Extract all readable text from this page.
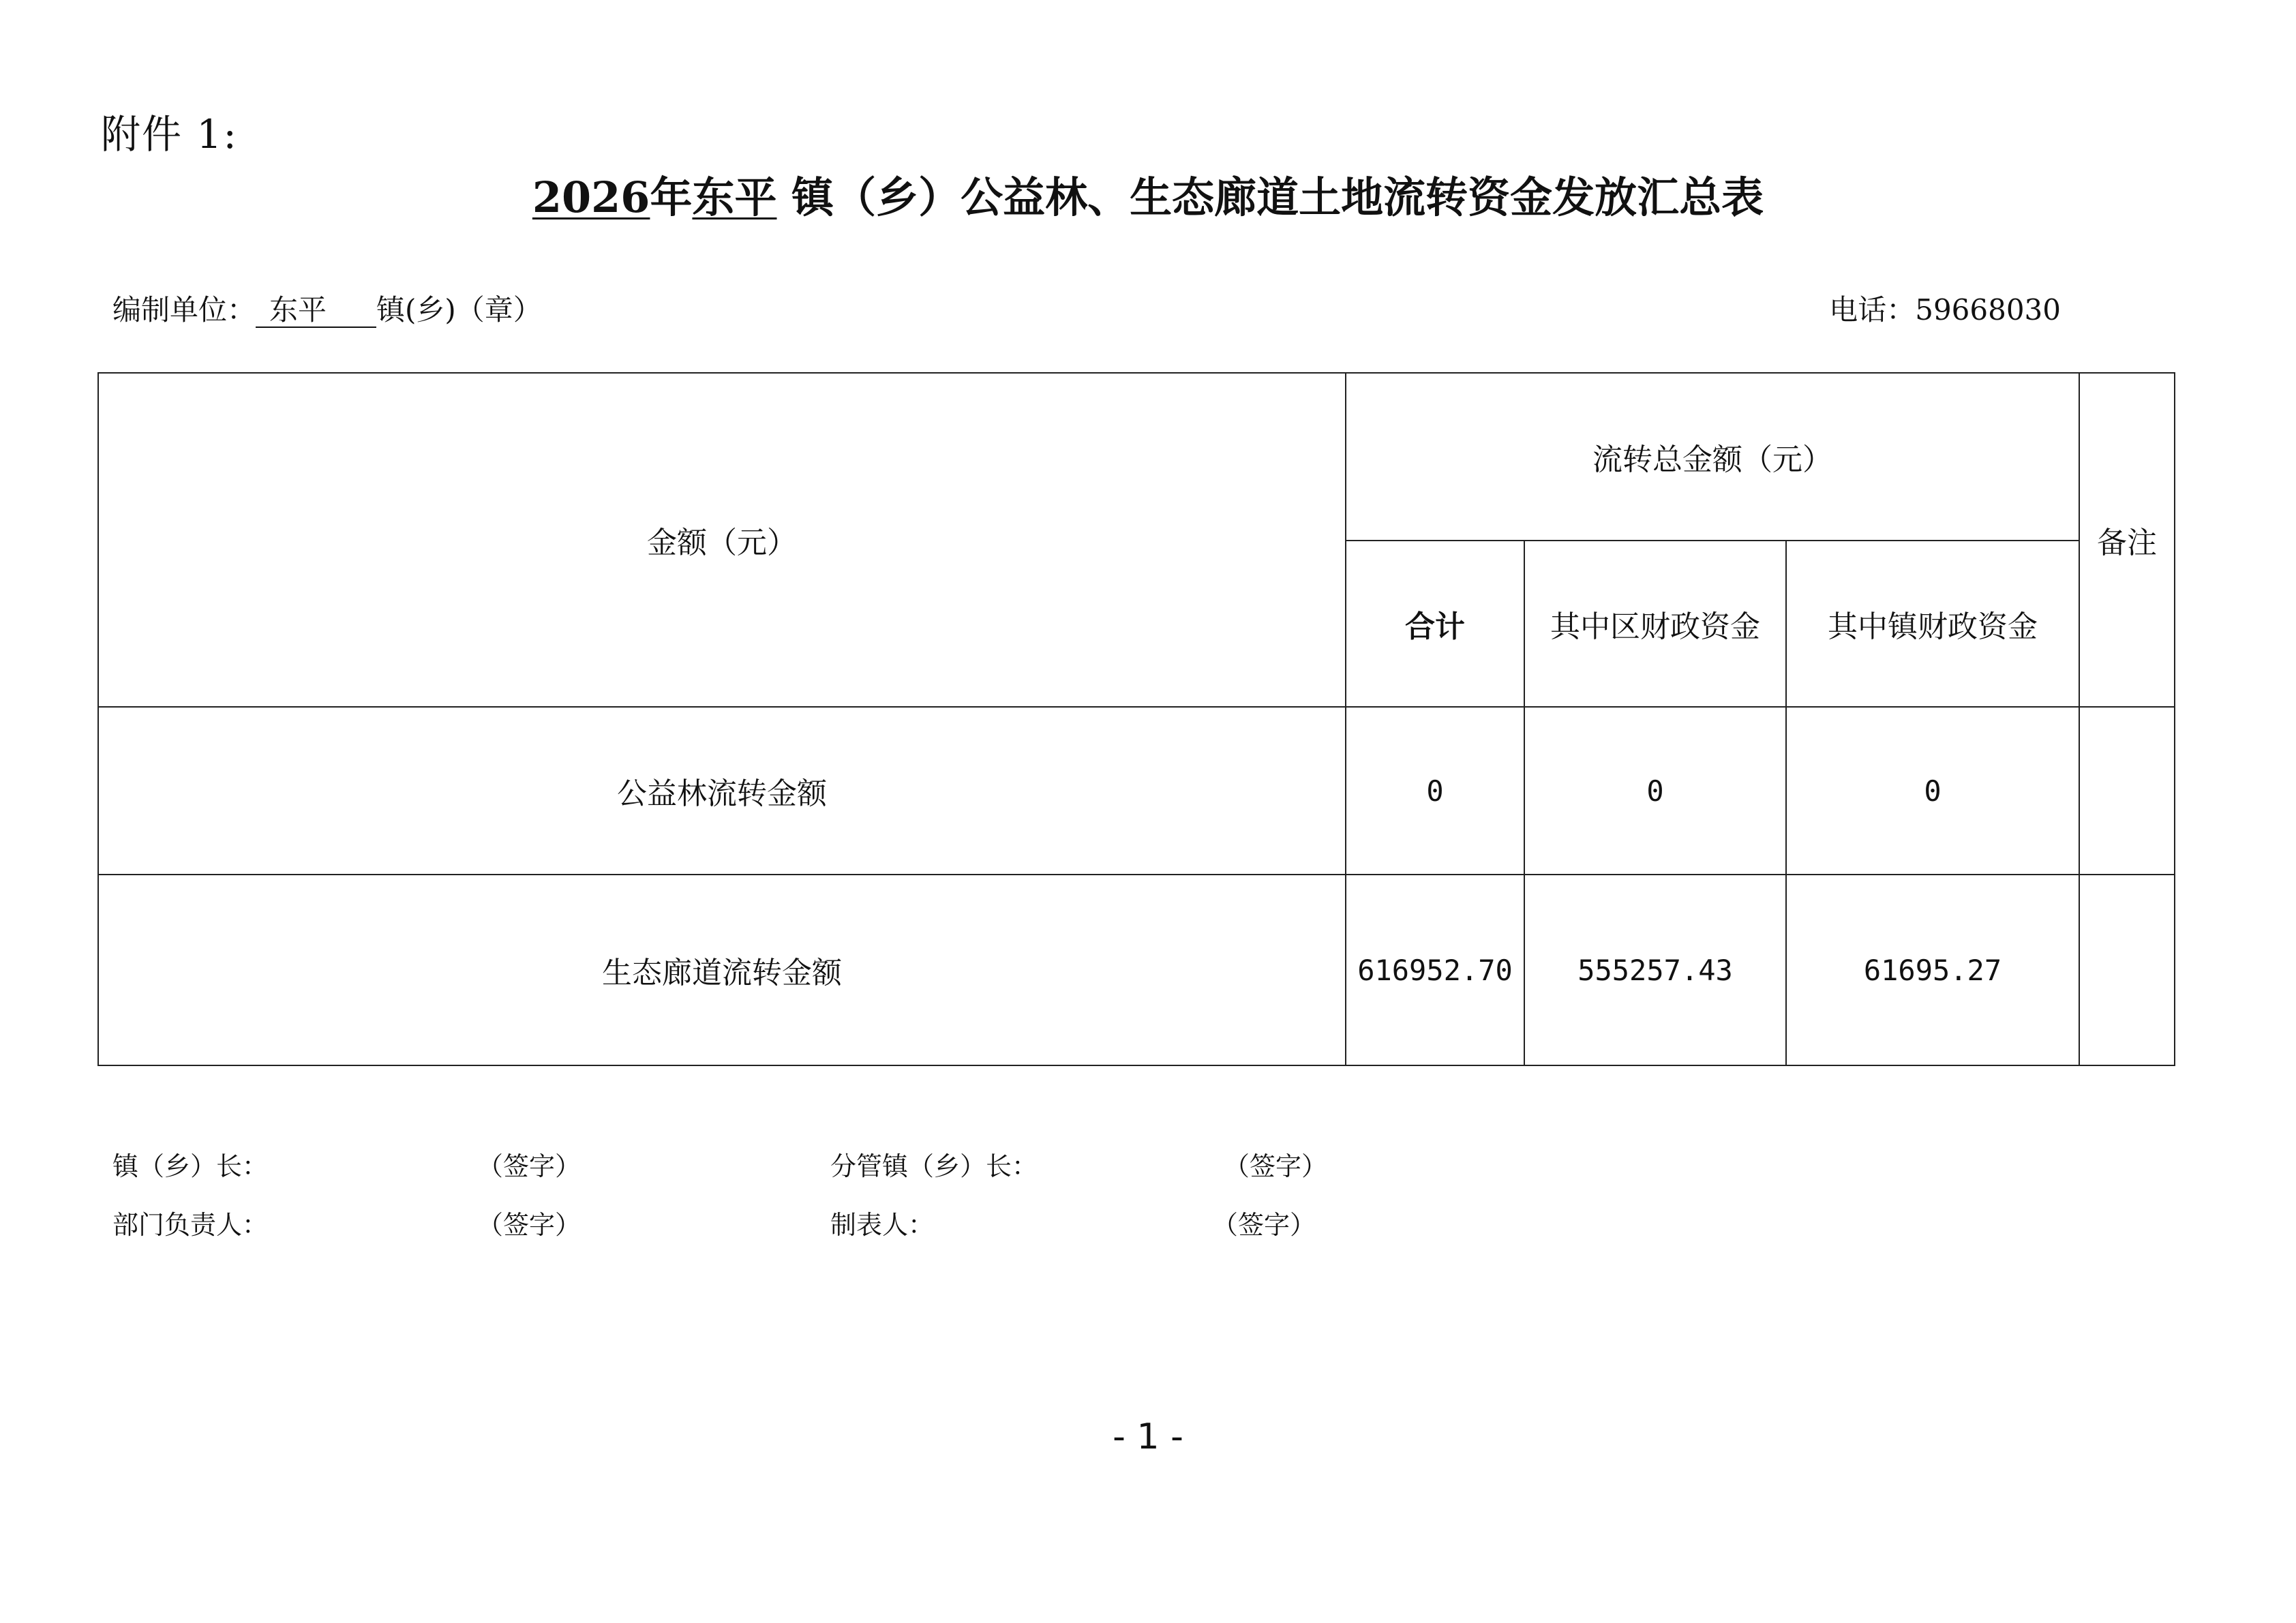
附件 1:
2026年东平 镇（乡）公益林、生态廊道土地流转资金发放汇总表
编制单位： 东平 镇(乡)（章）	电话：59668030
金额（元）	流转总金额（元）			备注
	合计	其中区财政资金	其中镇财政资金	
公益林流转金额	0	0	0	
生态廊道流转金额	616952.70	555257.43	61695.27	
镇（乡）长：	（签字）	分管镇（乡）长：	（签字）
部门负责人：	（签字）	制表人：	（签字）
- 1 -
